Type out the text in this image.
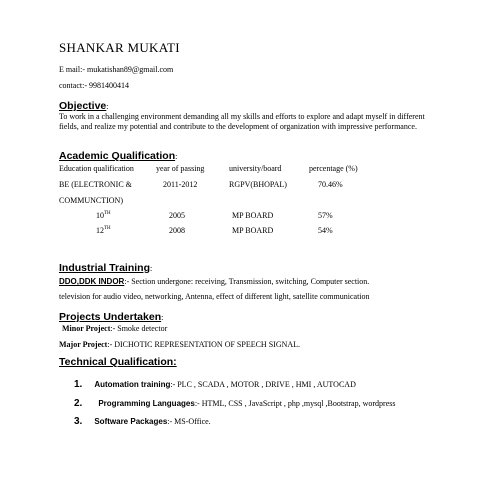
SHANKAR MUKATI
E mail:- mukatishan89@gmail.com
contact:- 9981400414
Objective:
To work in a challenging environment demanding all my skills and efforts to explore and adapt myself in different fields, and realize my potential and contribute to the development of organization with impressive performance.
Academic Qualification:
Education qualification	year of passing	university/board	percentage (%)
BE (ELECTRONIC &	2011-2012	RGPV(BHOPAL)	70.46%
COMMUNCTION)
10TH	2005	MP BOARD	57%
12TH	2008	MP BOARD	54%
Industrial Training:
DDO,DDK INDOR:- Section undergone: receiving, Transmission, switching, Computer section.
television for audio video, networking, Antenna, effect of different light, satellite communication
Projects Undertaken:
Minor Project:- Smoke detector
Major Project:- DICHOTIC REPRESENTATION OF SPEECH SIGNAL.
Technical Qualification:
1. Automation training:- PLC , SCADA , MOTOR , DRIVE , HMI , AUTOCAD
2. Programming Languages:- HTML, CSS , JavaScript , php ,mysql ,Bootstrap, wordpress
3. Software Packages:- MS-Office.
